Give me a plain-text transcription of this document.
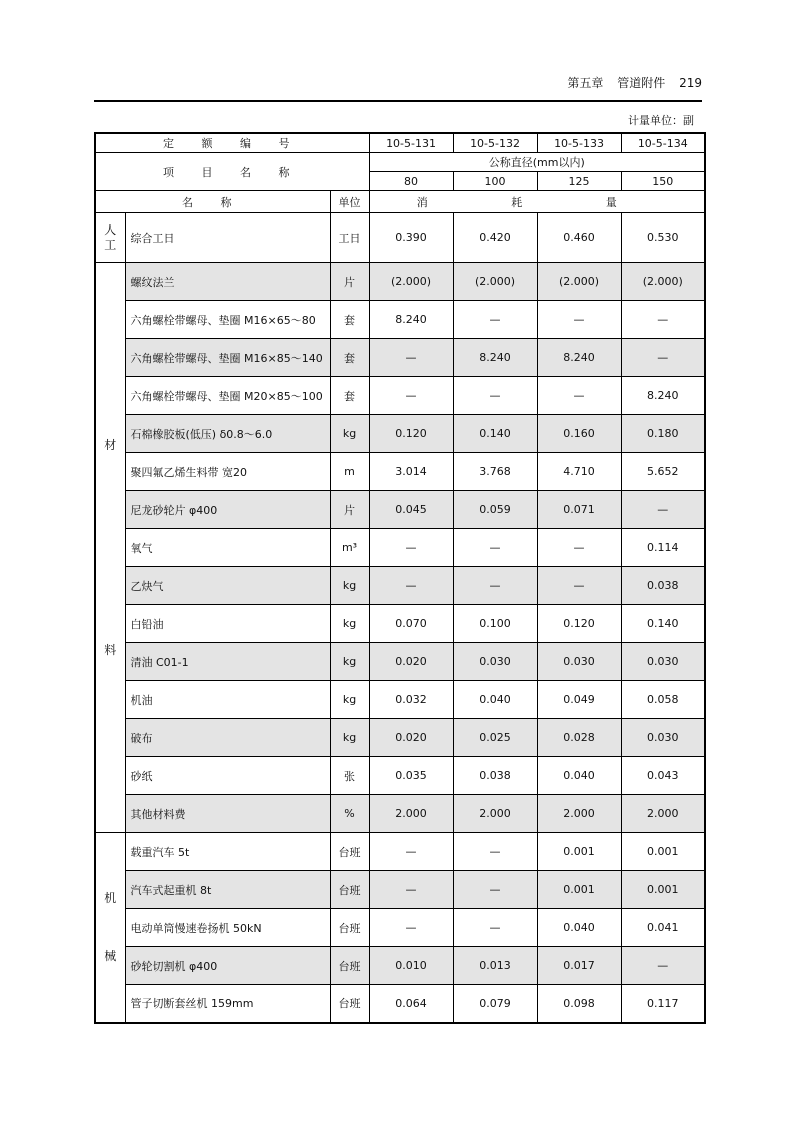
第五章 管道附件 219
计量单位：副
定 额 编 号			10-5-131	10-5-132	10-5-133	10-5-134
项 目 名 称			公称直径(mm以内)			
			80	100	125	150
名 称		单位	消 耗 量			

人
工	综合工日	工日	0.390	0.420	0.460	0.530

材
料	螺纹法兰	片	(2.000)	(2.000)	(2.000)	(2.000)
	六角螺栓带螺母、垫圈 M16×65～80	套	8.240	—	—	—
	六角螺栓带螺母、垫圈 M16×85～140	套	—	8.240	8.240	—
	六角螺栓带螺母、垫圈 M20×85～100	套	—	—	—	8.240
	石棉橡胶板(低压) δ0.8～6.0	kg	0.120	0.140	0.160	0.180
	聚四氟乙烯生料带 宽20	m	3.014	3.768	4.710	5.652
	尼龙砂轮片 φ400	片	0.045	0.059	0.071	—
	氧气	m³	—	—	—	0.114
	乙炔气	kg	—	—	—	0.038
	白铅油	kg	0.070	0.100	0.120	0.140
	清油 C01-1	kg	0.020	0.030	0.030	0.030
	机油	kg	0.032	0.040	0.049	0.058
	破布	kg	0.020	0.025	0.028	0.030
	砂纸	张	0.035	0.038	0.040	0.043
	其他材料费	%	2.000	2.000	2.000	2.000

机
械	载重汽车 5t	台班	—	—	0.001	0.001
	汽车式起重机 8t	台班	—	—	0.001	0.001
	电动单筒慢速卷扬机 50kN	台班	—	—	0.040	0.041
	砂轮切割机 φ400	台班	0.010	0.013	0.017	—
	管子切断套丝机 159mm	台班	0.064	0.079	0.098	0.117
